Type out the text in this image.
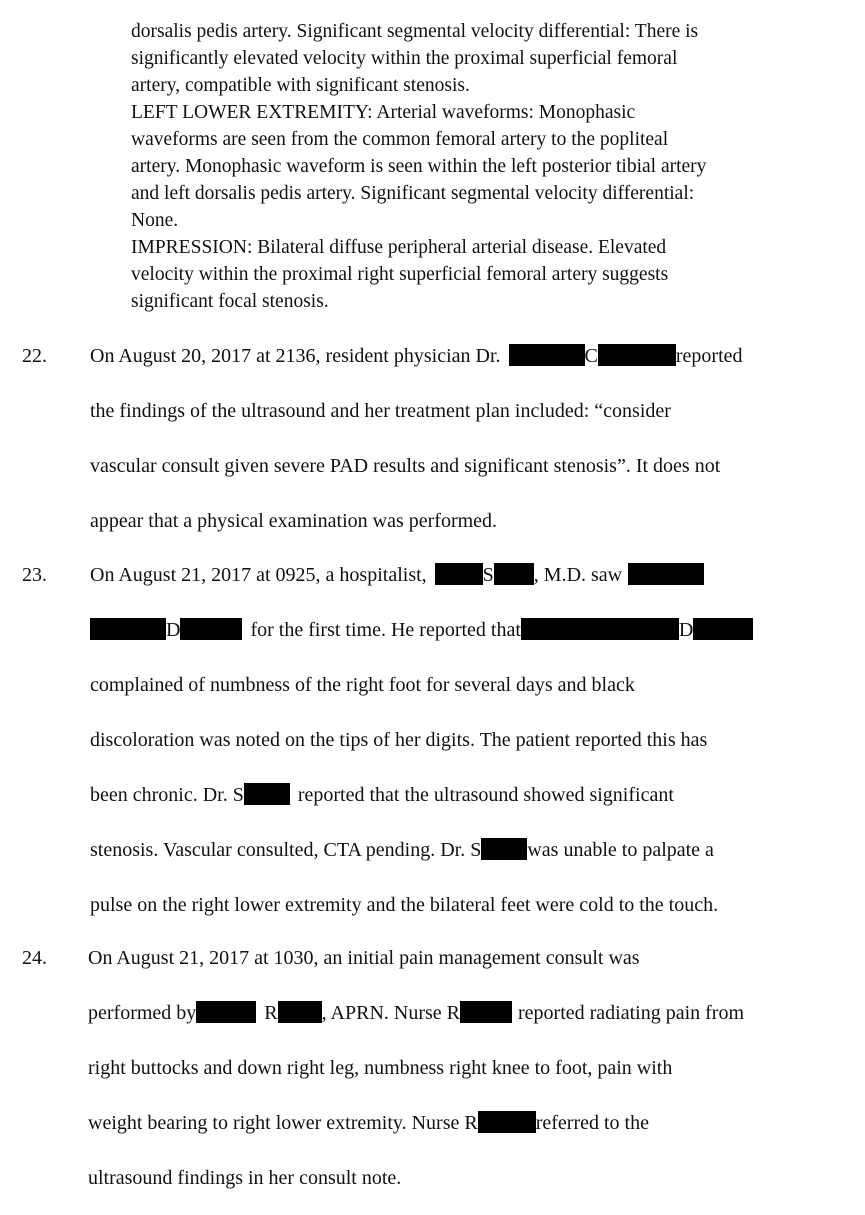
dorsalis pedis artery. Significant segmental velocity differential: There is
significantly elevated velocity within the proximal superficial femoral
artery, compatible with significant stenosis.
LEFT LOWER EXTREMITY: Arterial waveforms: Monophasic
waveforms are seen from the common femoral artery to the popliteal
artery. Monophasic waveform is seen within the left posterior tibial artery
and left dorsalis pedis artery. Significant segmental velocity differential:
None.
IMPRESSION: Bilateral diffuse peripheral arterial disease. Elevated
velocity within the proximal right superficial femoral artery suggests
significant focal stenosis.
22. On August 20, 2017 at 2136, resident physician Dr.	C	reported
the findings of the ultrasound and her treatment plan included: “consider
vascular consult given severe PAD results and significant stenosis”. It does not
appear that a physical examination was performed.
23. On August 21, 2017 at 0925, a hospitalist,	S , M.D. saw
D	for the first time. He reported that	D
complained of numbness of the right foot for several days and black
discoloration was noted on the tips of her digits. The patient reported this has
been chronic. Dr. S	reported that the ultrasound showed significant
stenosis. Vascular consulted, CTA pending. Dr. S was unable to palpate a
pulse on the right lower extremity and the bilateral feet were cold to the touch.
24. On August 21, 2017 at 1030, an initial pain management consult was
performed by	R , APRN. Nurse R	reported radiating pain from
right buttocks and down right leg, numbness right knee to foot, pain with
weight bearing to right lower extremity. Nurse R	referred to the
ultrasound findings in her consult note.
